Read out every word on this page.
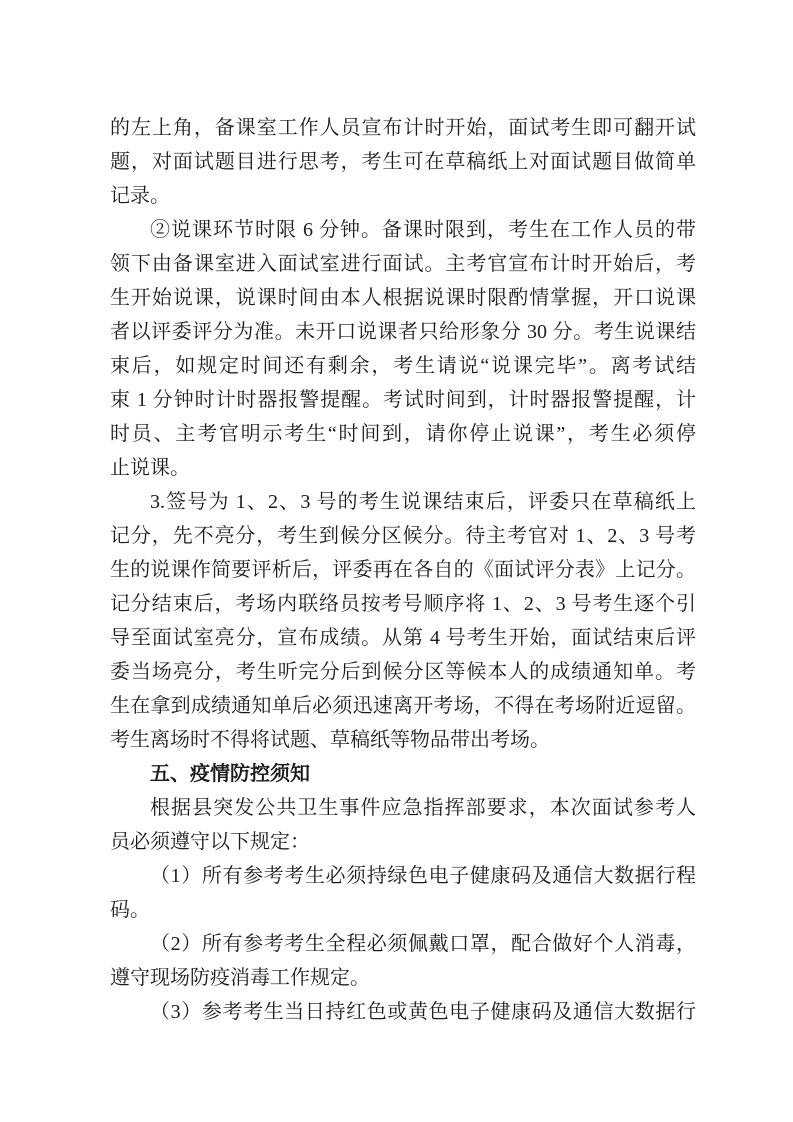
的左上角，备课室工作人员宣布计时开始，面试考生即可翻开试
题，对面试题目进行思考，考生可在草稿纸上对面试题目做简单
记录。
②说课环节时限 6 分钟。备课时限到，考生在工作人员的带
领下由备课室进入面试室进行面试。主考官宣布计时开始后，考
生开始说课，说课时间由本人根据说课时限酌情掌握，开口说课
者以评委评分为准。未开口说课者只给形象分 30 分。考生说课结
束后，如规定时间还有剩余，考生请说“说课完毕”。离考试结
束 1 分钟时计时器报警提醒。考试时间到，计时器报警提醒，计
时员、主考官明示考生“时间到，请你停止说课”，考生必须停
止说课。
3.签号为 1、2、3 号的考生说课结束后，评委只在草稿纸上
记分，先不亮分，考生到候分区候分。待主考官对 1、2、3 号考
生的说课作简要评析后，评委再在各自的《面试评分表》上记分。
记分结束后，考场内联络员按考号顺序将 1、2、3 号考生逐个引
导至面试室亮分，宣布成绩。从第 4 号考生开始，面试结束后评
委当场亮分，考生听完分后到候分区等候本人的成绩通知单。考
生在拿到成绩通知单后必须迅速离开考场，不得在考场附近逗留。
考生离场时不得将试题、草稿纸等物品带出考场。
五、疫情防控须知
根据县突发公共卫生事件应急指挥部要求，本次面试参考人
员必须遵守以下规定：
（1）所有参考考生必须持绿色电子健康码及通信大数据行程
码。
（2）所有参考考生全程必须佩戴口罩，配合做好个人消毒，
遵守现场防疫消毒工作规定。
（3）参考考生当日持红色或黄色电子健康码及通信大数据行
